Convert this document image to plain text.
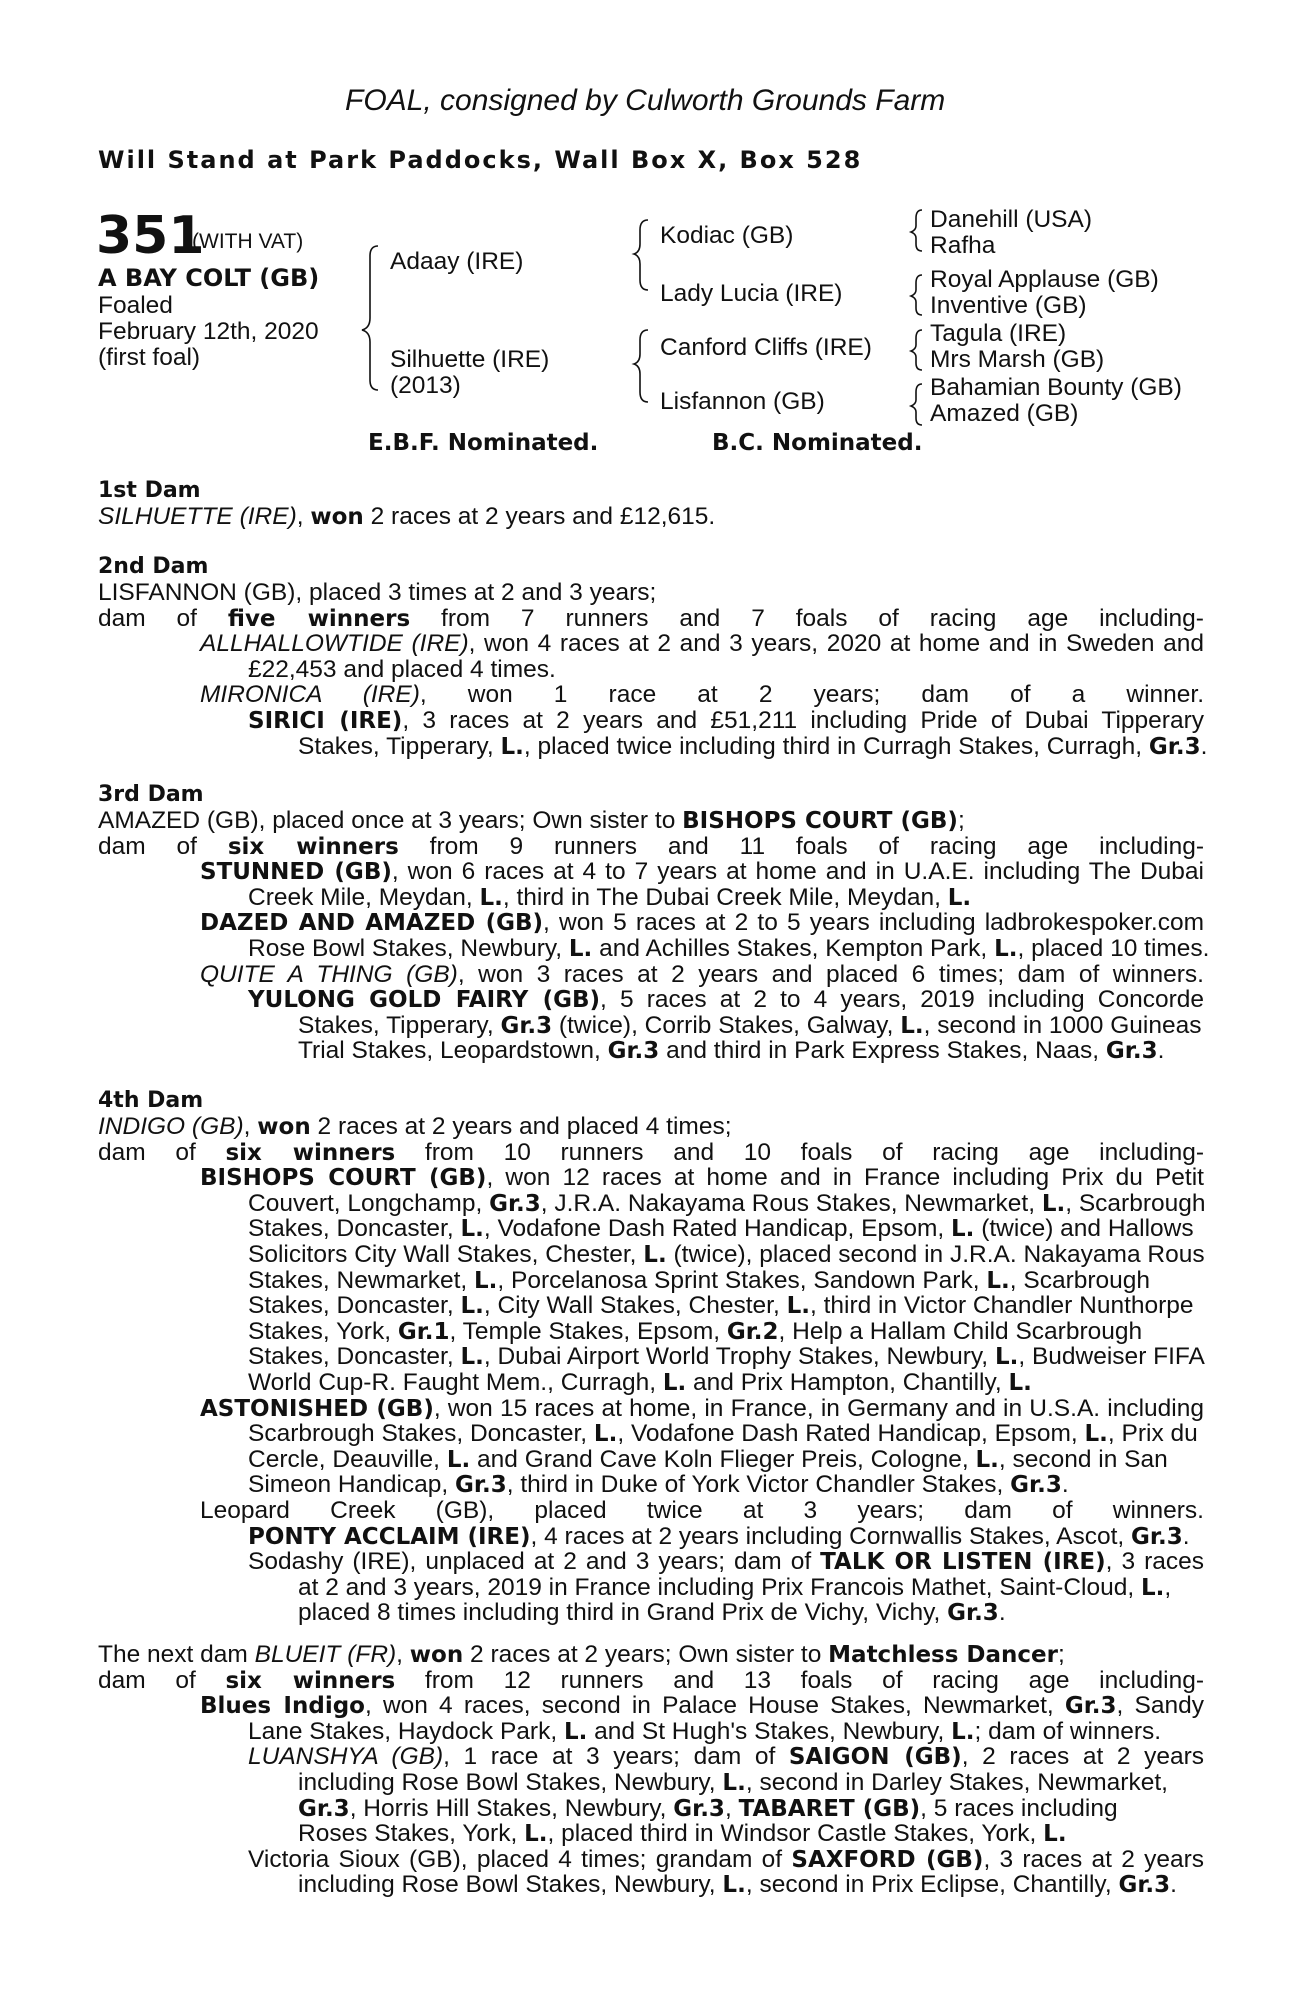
FOAL, consigned by Culworth Grounds Farm
Will Stand at Park Paddocks, Wall Box X, Box 528
351
(WITH VAT)
A BAY COLT (GB)
Foaled
February 12th, 2020
(first foal)
Adaay (IRE)
Silhuette (IRE)
(2013)
Kodiac (GB)
Lady Lucia (IRE)
Canford Cliffs (IRE)
Lisfannon (GB)
Danehill (USA)
Rafha
Royal Applause (GB)
Inventive (GB)
Tagula (IRE)
Mrs Marsh (GB)
Bahamian Bounty (GB)
Amazed (GB)
E.B.F. Nominated.	B.C. Nominated.
1st Dam
SILHUETTE (IRE), won 2 races at 2 years and £12,615.
2nd Dam
LISFANNON (GB), placed 3 times at 2 and 3 years;
dam of five winners from 7 runners and 7 foals of racing age including-
ALLHALLOWTIDE (IRE), won 4 races at 2 and 3 years, 2020 at home and in Sweden and
£22,453 and placed 4 times.
MIRONICA (IRE), won 1 race at 2 years; dam of a winner.
SIRICI (IRE), 3 races at 2 years and £51,211 including Pride of Dubai Tipperary
Stakes, Tipperary, L., placed twice including third in Curragh Stakes, Curragh, Gr.3.
3rd Dam
AMAZED (GB), placed once at 3 years; Own sister to BISHOPS COURT (GB);
dam of six winners from 9 runners and 11 foals of racing age including-
STUNNED (GB), won 6 races at 4 to 7 years at home and in U.A.E. including The Dubai
Creek Mile, Meydan, L., third in The Dubai Creek Mile, Meydan, L.
DAZED AND AMAZED (GB), won 5 races at 2 to 5 years including ladbrokespoker.com
Rose Bowl Stakes, Newbury, L. and Achilles Stakes, Kempton Park, L., placed 10 times.
QUITE A THING (GB), won 3 races at 2 years and placed 6 times; dam of winners.
YULONG GOLD FAIRY (GB), 5 races at 2 to 4 years, 2019 including Concorde
Stakes, Tipperary, Gr.3 (twice), Corrib Stakes, Galway, L., second in 1000 Guineas
Trial Stakes, Leopardstown, Gr.3 and third in Park Express Stakes, Naas, Gr.3.
4th Dam
INDIGO (GB), won 2 races at 2 years and placed 4 times;
dam of six winners from 10 runners and 10 foals of racing age including-
BISHOPS COURT (GB), won 12 races at home and in France including Prix du Petit
Couvert, Longchamp, Gr.3, J.R.A. Nakayama Rous Stakes, Newmarket, L., Scarbrough
Stakes, Doncaster, L., Vodafone Dash Rated Handicap, Epsom, L. (twice) and Hallows
Solicitors City Wall Stakes, Chester, L. (twice), placed second in J.R.A. Nakayama Rous
Stakes, Newmarket, L., Porcelanosa Sprint Stakes, Sandown Park, L., Scarbrough
Stakes, Doncaster, L., City Wall Stakes, Chester, L., third in Victor Chandler Nunthorpe
Stakes, York, Gr.1, Temple Stakes, Epsom, Gr.2, Help a Hallam Child Scarbrough
Stakes, Doncaster, L., Dubai Airport World Trophy Stakes, Newbury, L., Budweiser FIFA
World Cup-R. Faught Mem., Curragh, L. and Prix Hampton, Chantilly, L.
ASTONISHED (GB), won 15 races at home, in France, in Germany and in U.S.A. including
Scarbrough Stakes, Doncaster, L., Vodafone Dash Rated Handicap, Epsom, L., Prix du
Cercle, Deauville, L. and Grand Cave Koln Flieger Preis, Cologne, L., second in San
Simeon Handicap, Gr.3, third in Duke of York Victor Chandler Stakes, Gr.3.
Leopard Creek (GB), placed twice at 3 years; dam of winners.
PONTY ACCLAIM (IRE), 4 races at 2 years including Cornwallis Stakes, Ascot, Gr.3.
Sodashy (IRE), unplaced at 2 and 3 years; dam of TALK OR LISTEN (IRE), 3 races
at 2 and 3 years, 2019 in France including Prix Francois Mathet, Saint-Cloud, L.,
placed 8 times including third in Grand Prix de Vichy, Vichy, Gr.3.
The next dam BLUEIT (FR), won 2 races at 2 years; Own sister to Matchless Dancer;
dam of six winners from 12 runners and 13 foals of racing age including-
Blues Indigo, won 4 races, second in Palace House Stakes, Newmarket, Gr.3, Sandy
Lane Stakes, Haydock Park, L. and St Hugh's Stakes, Newbury, L.; dam of winners.
LUANSHYA (GB), 1 race at 3 years; dam of SAIGON (GB), 2 races at 2 years
including Rose Bowl Stakes, Newbury, L., second in Darley Stakes, Newmarket,
Gr.3, Horris Hill Stakes, Newbury, Gr.3, TABARET (GB), 5 races including
Roses Stakes, York, L., placed third in Windsor Castle Stakes, York, L.
Victoria Sioux (GB), placed 4 times; grandam of SAXFORD (GB), 3 races at 2 years
including Rose Bowl Stakes, Newbury, L., second in Prix Eclipse, Chantilly, Gr.3.
